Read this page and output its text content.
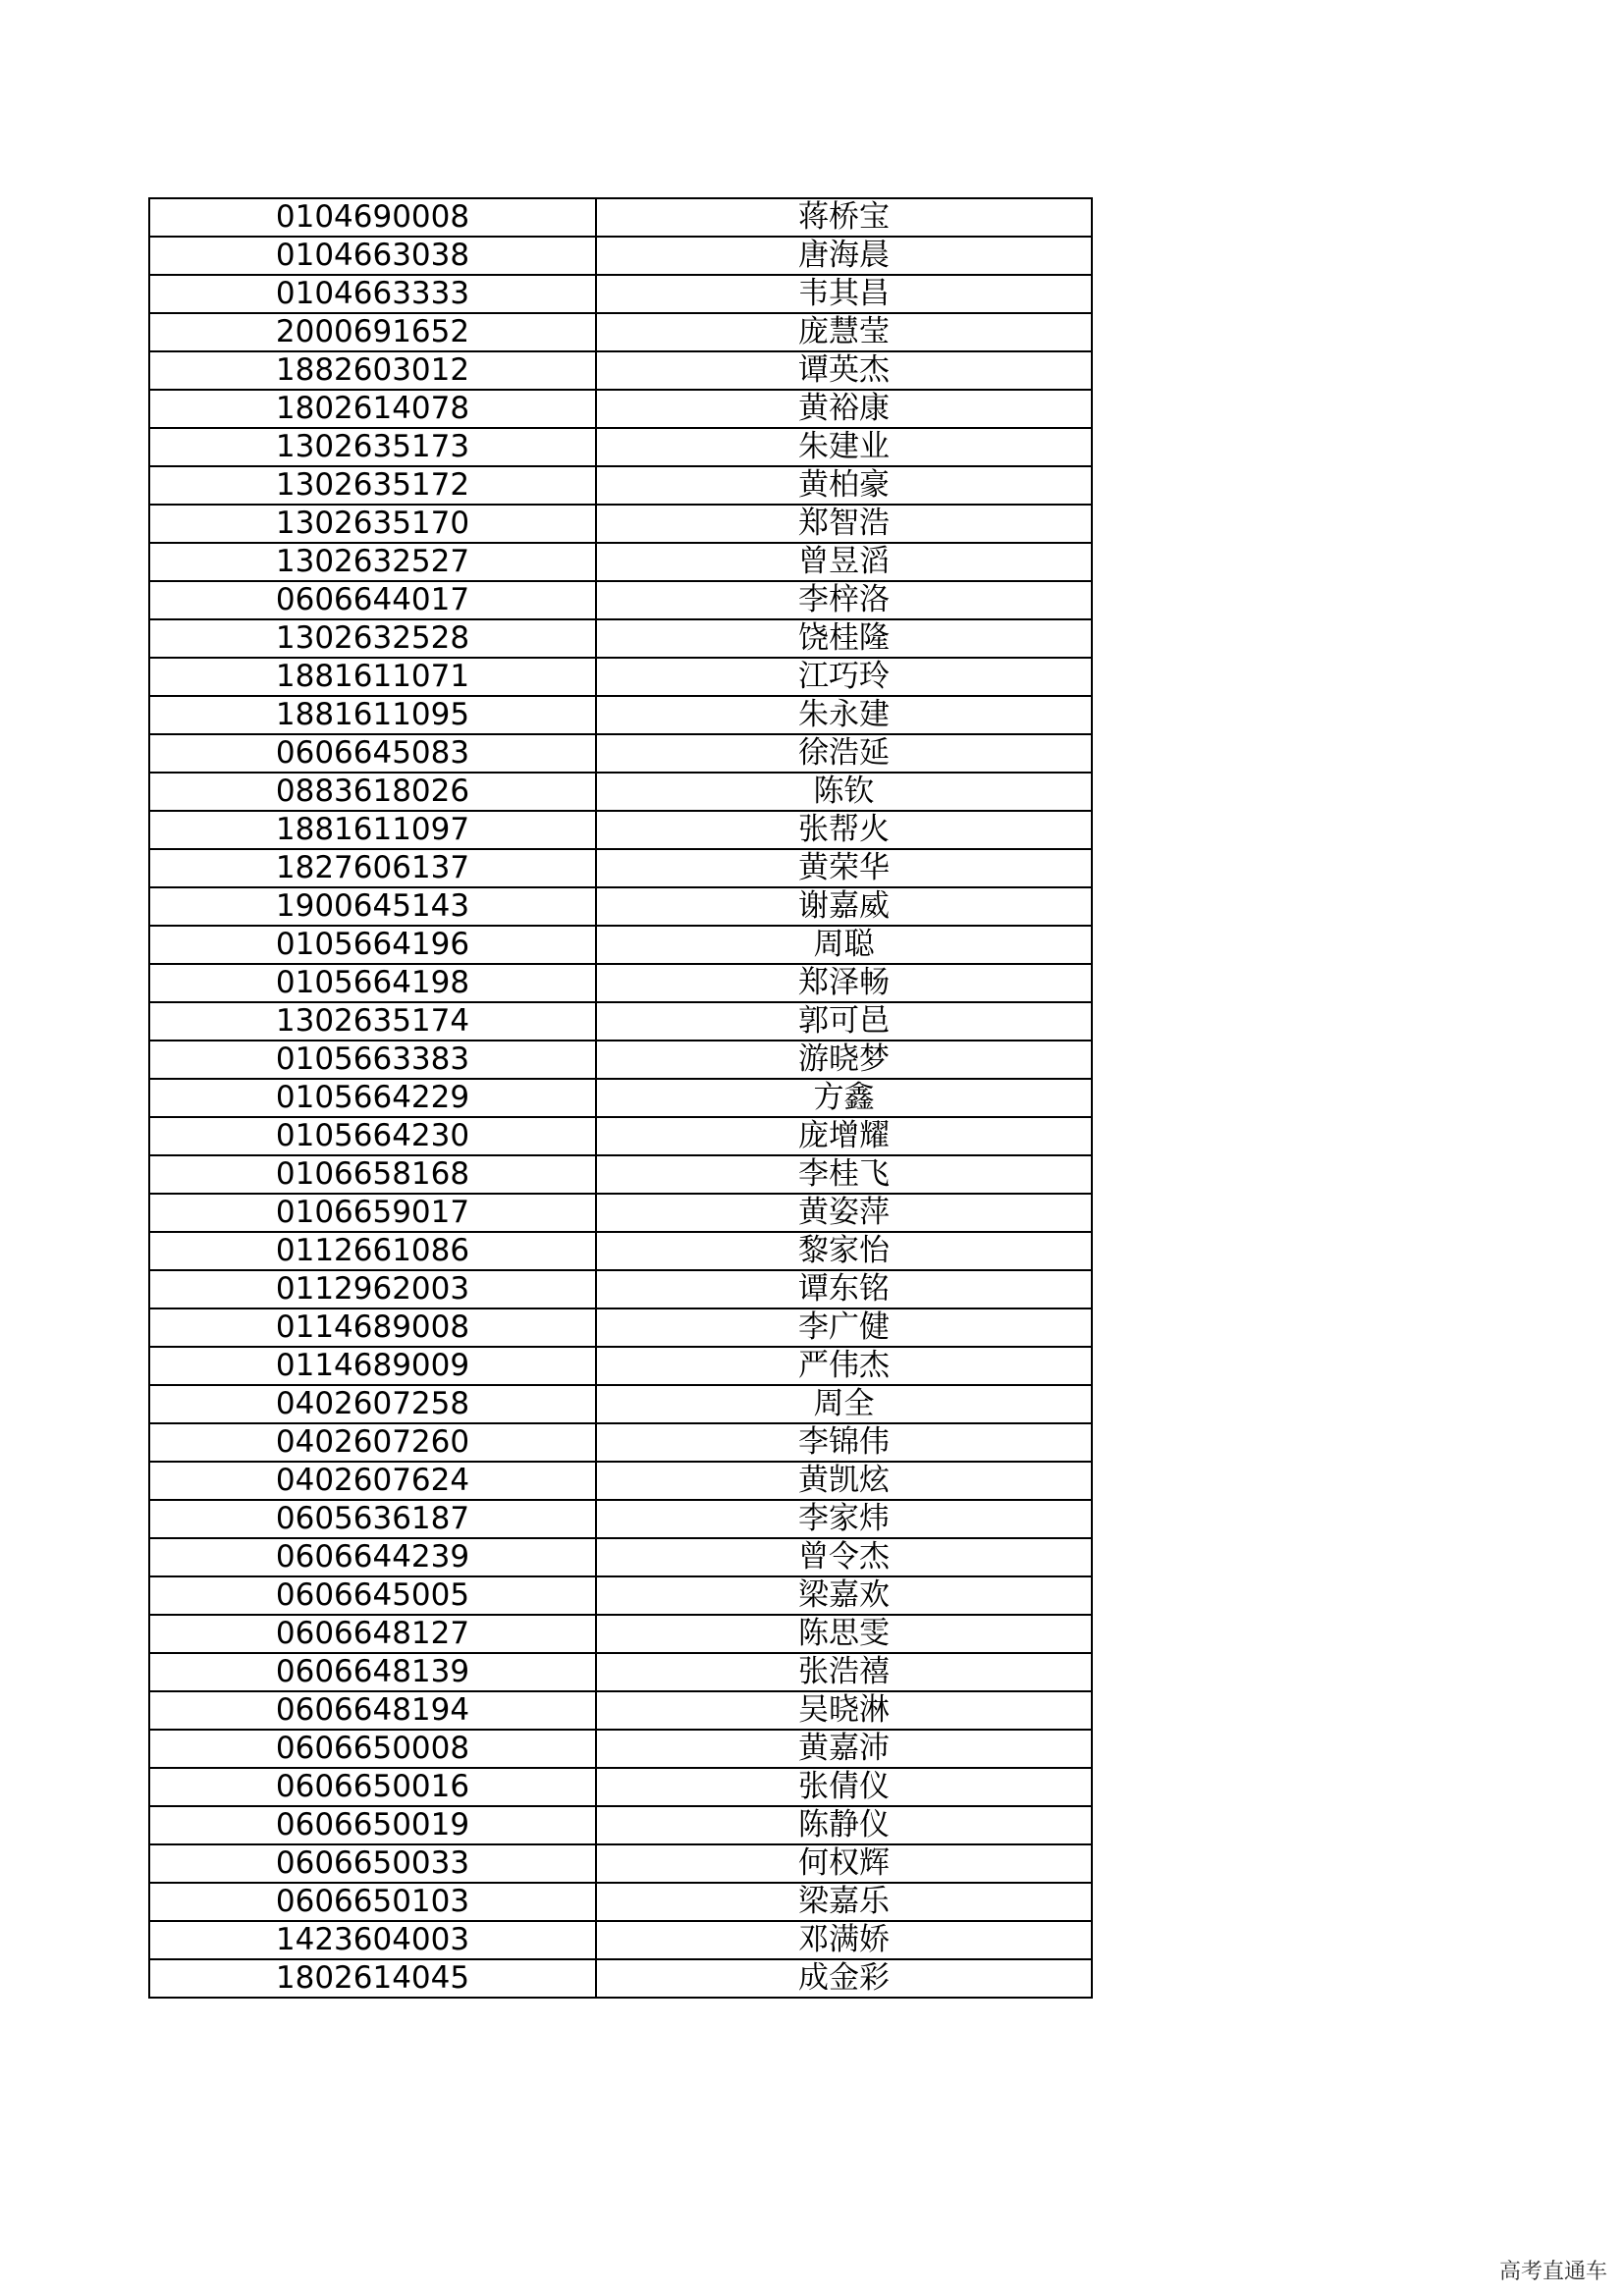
0104690008	蒋桥宝
0104663038	唐海晨
0104663333	韦其昌
2000691652	庞慧莹
1882603012	谭英杰
1802614078	黄裕康
1302635173	朱建业
1302635172	黄柏豪
1302635170	郑智浩
1302632527	曾昱滔
0606644017	李梓洛
1302632528	饶桂隆
1881611071	江巧玲
1881611095	朱永建
0606645083	徐浩延
0883618026	陈钦
1881611097	张帮火
1827606137	黄荣华
1900645143	谢嘉威
0105664196	周聪
0105664198	郑泽畅
1302635174	郭可邑
0105663383	游晓梦
0105664229	方鑫
0105664230	庞增耀
0106658168	李桂飞
0106659017	黄姿萍
0112661086	黎家怡
0112962003	谭东铭
0114689008	李广健
0114689009	严伟杰
0402607258	周全
0402607260	李锦伟
0402607624	黄凯炫
0605636187	李家炜
0606644239	曾令杰
0606645005	梁嘉欢
0606648127	陈思雯
0606648139	张浩禧
0606648194	吴晓淋
0606650008	黄嘉沛
0606650016	张倩仪
0606650019	陈静仪
0606650033	何权辉
0606650103	梁嘉乐
1423604003	邓满娇
1802614045	成金彩
高考直通车
